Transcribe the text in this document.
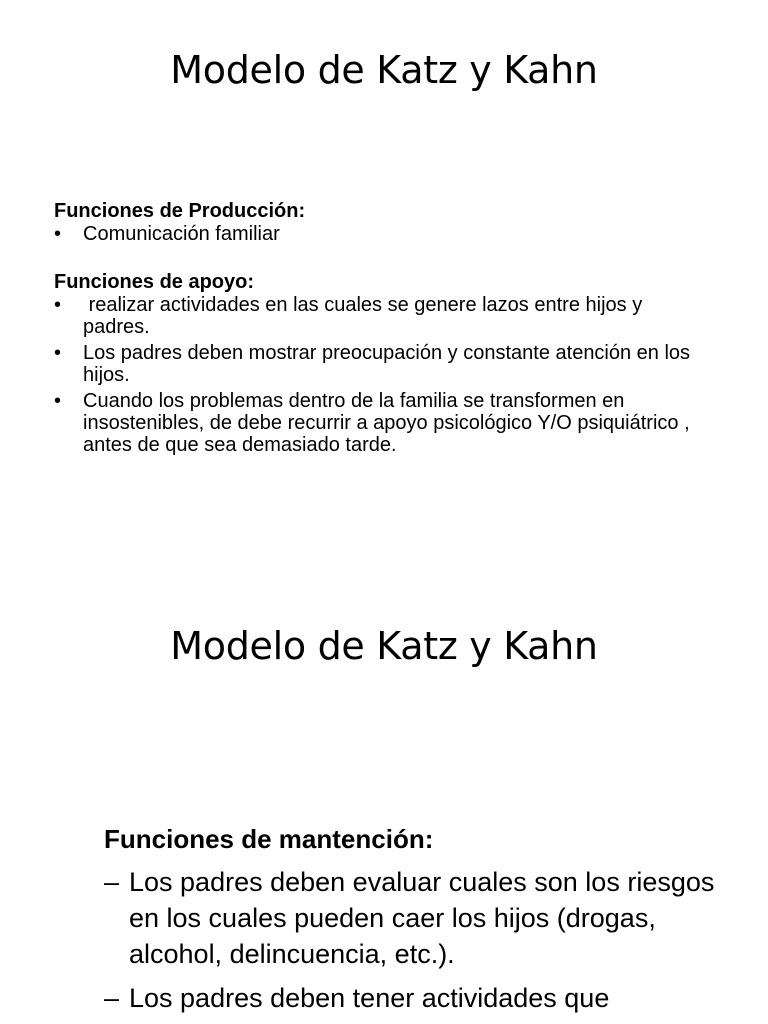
Modelo de Katz y Kahn

Funciones de Producción:

• Comunicación familiar

Funciones de apoyo:

• realizar actividades en las cuales se genere lazos entre hijos y padres.
• Los padres deben mostrar preocupación y constante atención en los hijos.
• Cuando los problemas dentro de la familia se transformen en insostenibles, de debe recurrir a apoyo psicológico Y/O psiquiátrico , antes de que sea demasiado tarde.
Modelo de Katz y Kahn

Funciones de mantención:

– Los padres deben evaluar cuales son los riesgos en los cuales pueden caer los hijos (drogas, alcohol, delincuencia, etc.).
– Los padres deben tener actividades que
